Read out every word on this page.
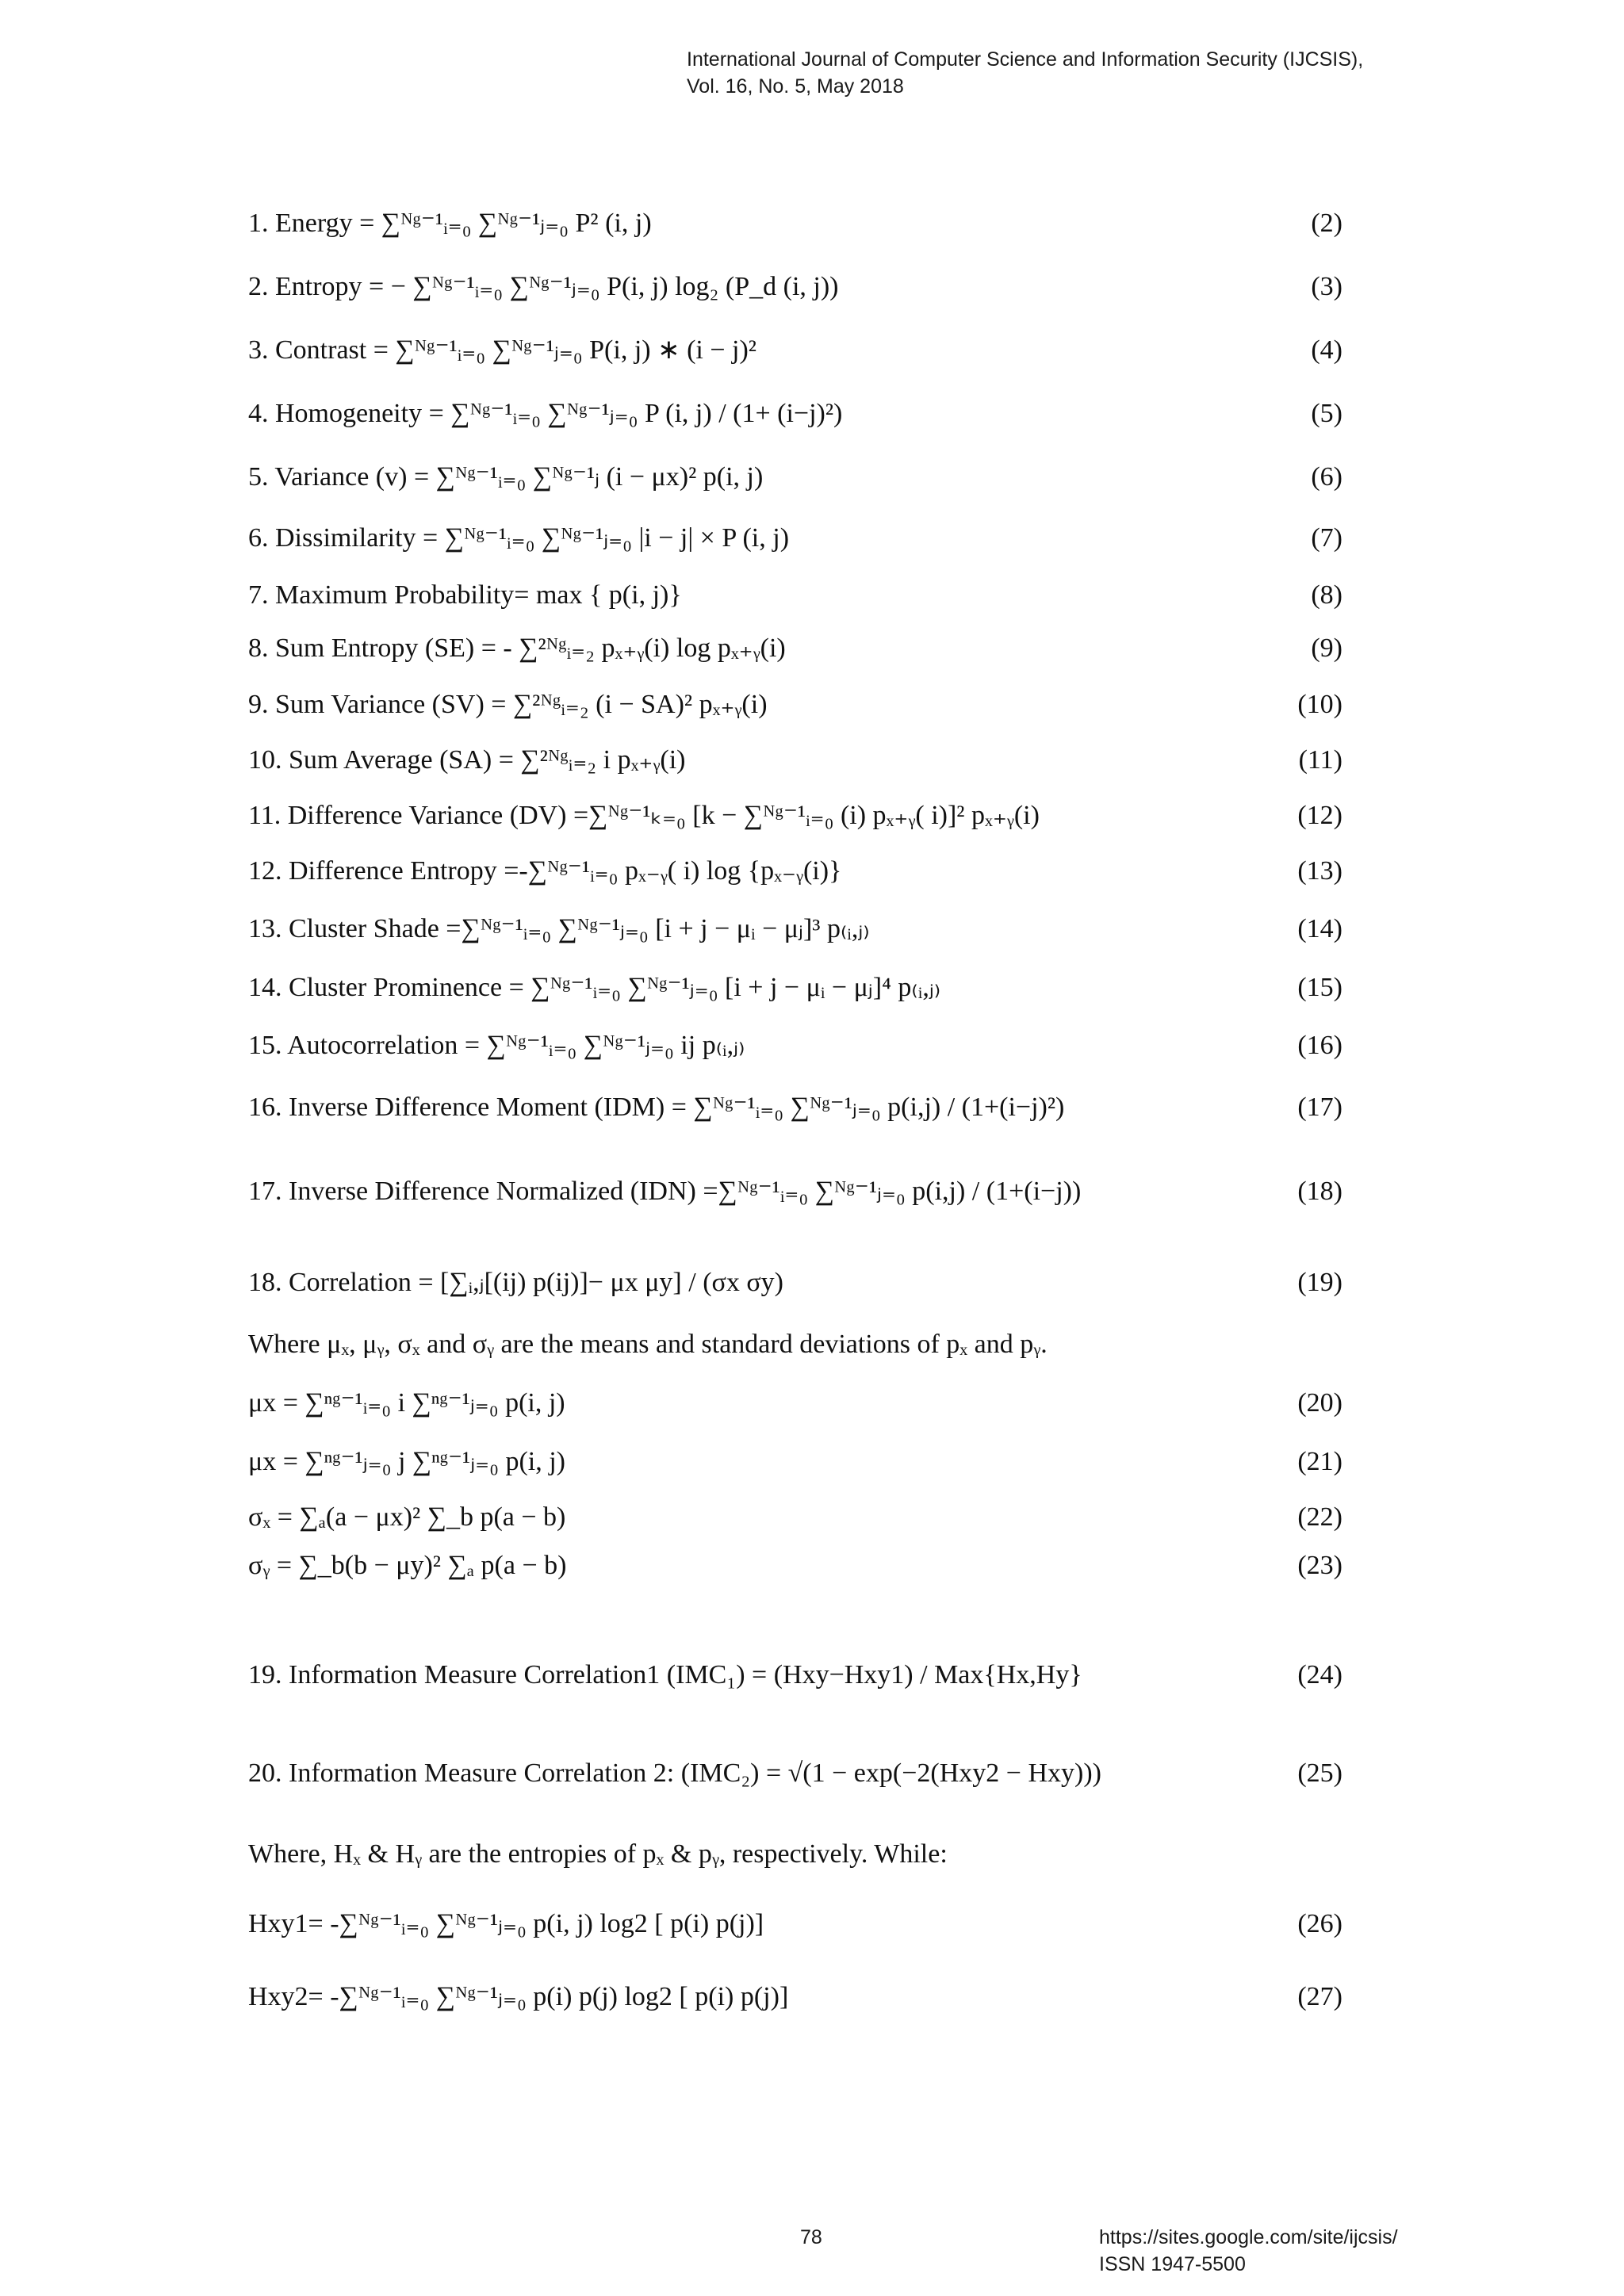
International Journal of Computer Science and Information Security (IJCSIS),
Vol. 16, No. 5, May 2018
1. Energy = ∑ᴺᵍ⁻¹ᵢ₌₀ ∑ᴺᵍ⁻¹ⱼ₌₀ P² (i, j)	(2)
2. Entropy = − ∑ᴺᵍ⁻¹ᵢ₌₀ ∑ᴺᵍ⁻¹ⱼ₌₀ P(i, j) log₂ (P_d (i, j))	(3)
3. Contrast = ∑ᴺᵍ⁻¹ᵢ₌₀ ∑ᴺᵍ⁻¹ⱼ₌₀ P(i, j) ∗ (i − j)²	(4)
4. Homogeneity = ∑ᴺᵍ⁻¹ᵢ₌₀ ∑ᴺᵍ⁻¹ⱼ₌₀ P (i, j) / (1+ (i−j)²)	(5)
5. Variance (v) = ∑ᴺᵍ⁻¹ᵢ₌₀ ∑ᴺᵍ⁻¹ⱼ (i − μx)² p(i, j)	(6)
6. Dissimilarity = ∑ᴺᵍ⁻¹ᵢ₌₀ ∑ᴺᵍ⁻¹ⱼ₌₀ |i − j| × P (i, j)	(7)
7. Maximum Probability= max { p(i, j)}	(8)
8. Sum Entropy (SE) = - ∑²ᴺᵍᵢ₌₂ pₓ₊ᵧ(i) log pₓ₊ᵧ(i)	(9)
9. Sum Variance (SV) = ∑²ᴺᵍᵢ₌₂ (i − SA)² pₓ₊ᵧ(i)	(10)
10. Sum Average (SA) = ∑²ᴺᵍᵢ₌₂ i pₓ₊ᵧ(i)	(11)
11. Difference Variance (DV) =∑ᴺᵍ⁻¹ₖ₌₀ [k − ∑ᴺᵍ⁻¹ᵢ₌₀ (i) pₓ₊ᵧ( i)]² pₓ₊ᵧ(i)	(12)
12. Difference Entropy =-∑ᴺᵍ⁻¹ᵢ₌₀ pₓ₋ᵧ( i) log {pₓ₋ᵧ(i)}	(13)
13. Cluster Shade =∑ᴺᵍ⁻¹ᵢ₌₀ ∑ᴺᵍ⁻¹ⱼ₌₀ [i + j − μᵢ − μⱼ]³ p₍ᵢ,ⱼ₎	(14)
14. Cluster Prominence = ∑ᴺᵍ⁻¹ᵢ₌₀ ∑ᴺᵍ⁻¹ⱼ₌₀ [i + j − μᵢ − μⱼ]⁴ p₍ᵢ,ⱼ₎	(15)
15. Autocorrelation = ∑ᴺᵍ⁻¹ᵢ₌₀ ∑ᴺᵍ⁻¹ⱼ₌₀ ij p₍ᵢ,ⱼ₎	(16)
16. Inverse Difference Moment (IDM) = ∑ᴺᵍ⁻¹ᵢ₌₀ ∑ᴺᵍ⁻¹ⱼ₌₀ p(i,j) / (1+(i−j)²)	(17)
17. Inverse Difference Normalized (IDN) =∑ᴺᵍ⁻¹ᵢ₌₀ ∑ᴺᵍ⁻¹ⱼ₌₀ p(i,j) / (1+(i−j))	(18)
18. Correlation = [∑ᵢ,ⱼ[(ij) p(ij)]− μx μy] / (σx σy)	(19)
Where μₓ, μᵧ, σₓ and σᵧ are the means and standard deviations of pₓ and pᵧ.
μx = ∑ⁿᵍ⁻¹ᵢ₌₀ i ∑ⁿᵍ⁻¹ⱼ₌₀ p(i, j)	(20)
μx = ∑ⁿᵍ⁻¹ⱼ₌₀ j ∑ⁿᵍ⁻¹ⱼ₌₀ p(i, j)	(21)
σₓ = ∑ₐ(a − μx)² ∑_b p(a − b)	(22)
σᵧ = ∑_b(b − μy)² ∑ₐ p(a − b)	(23)
19. Information Measure Correlation1 (IMC₁) = (Hxy−Hxy1) / Max{Hx,Hy}	(24)
20. Information Measure Correlation 2: (IMC₂) = √(1 − exp(−2(Hxy2 − Hxy)))	(25)
Where, Hₓ & Hᵧ are the entropies of pₓ & pᵧ, respectively. While:
Hxy1= -∑ᴺᵍ⁻¹ᵢ₌₀ ∑ᴺᵍ⁻¹ⱼ₌₀ p(i, j) log2 [ p(i) p(j)]	(26)
Hxy2= -∑ᴺᵍ⁻¹ᵢ₌₀ ∑ᴺᵍ⁻¹ⱼ₌₀ p(i) p(j) log2 [ p(i) p(j)]	(27)
78	https://sites.google.com/site/ijcsis/
ISSN 1947-5500
